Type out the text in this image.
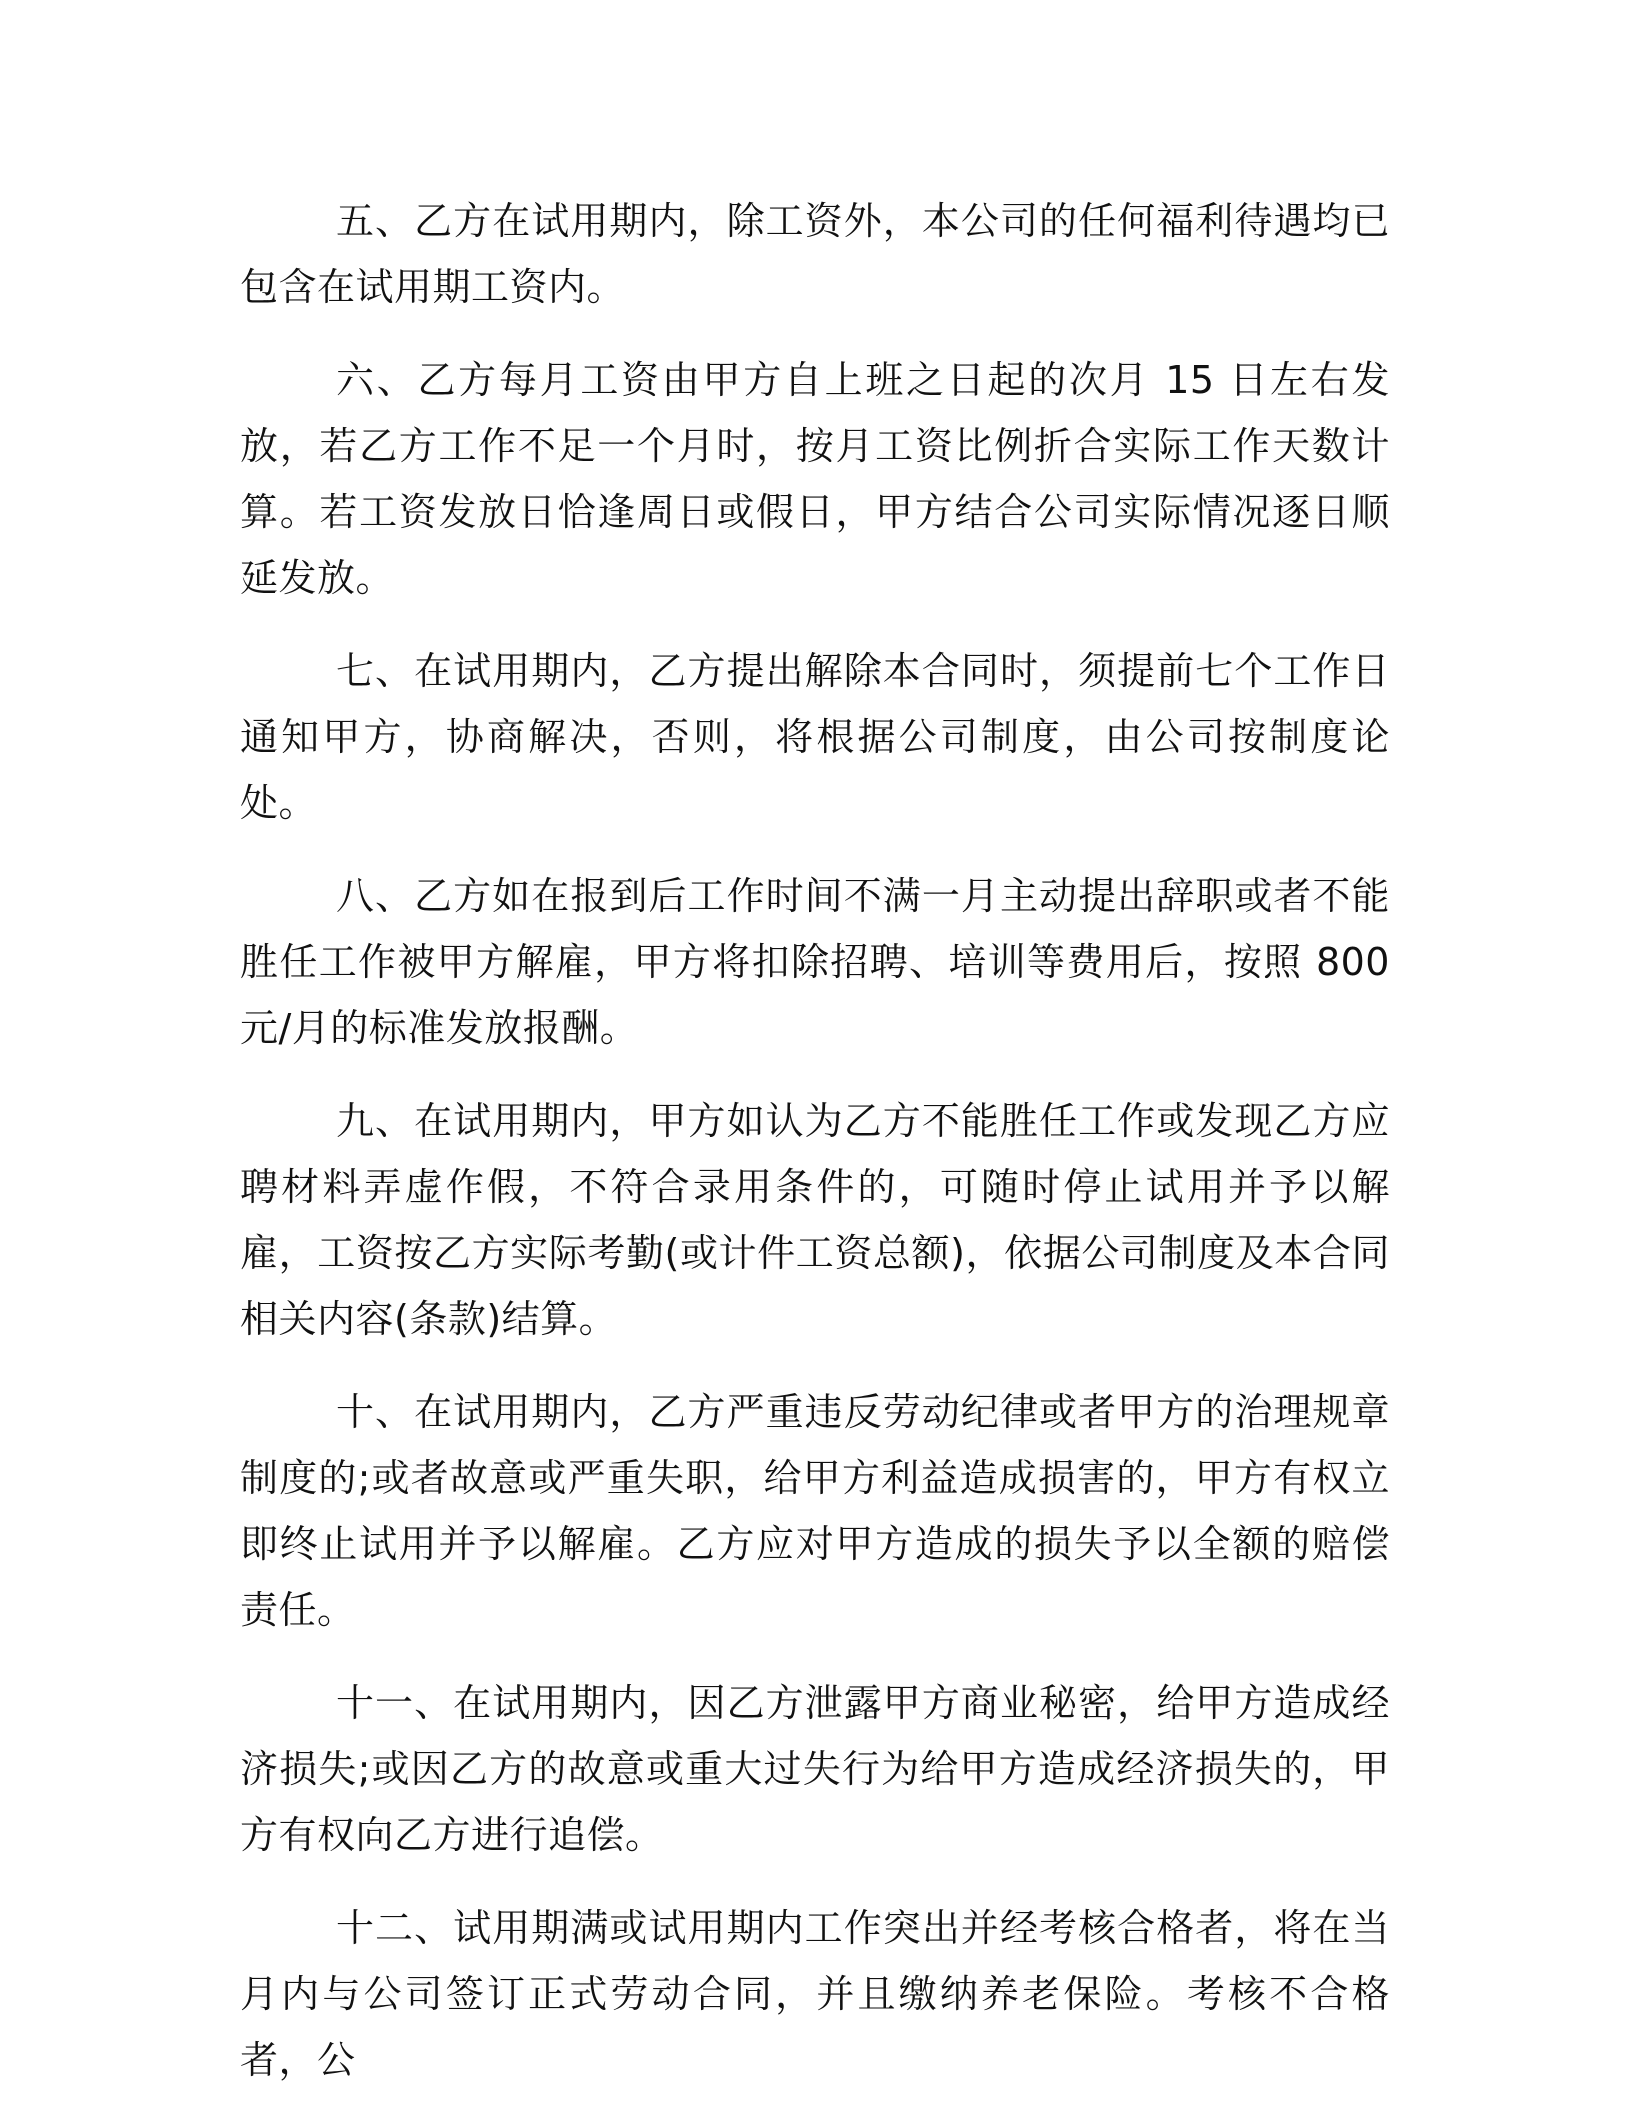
五、乙方在试用期内，除工资外，本公司的任何福利待遇均已包含在试用期工资内。

六、乙方每月工资由甲方自上班之日起的次月 15 日左右发放，若乙方工作不足一个月时，按月工资比例折合实际工作天数计算。若工资发放日恰逢周日或假日，甲方结合公司实际情况逐日顺延发放。

七、在试用期内，乙方提出解除本合同时，须提前七个工作日通知甲方，协商解决，否则，将根据公司制度，由公司按制度论处。

八、乙方如在报到后工作时间不满一月主动提出辞职或者不能胜任工作被甲方解雇，甲方将扣除招聘、培训等费用后，按照 800 元/月的标准发放报酬。

九、在试用期内，甲方如认为乙方不能胜任工作或发现乙方应聘材料弄虚作假，不符合录用条件的，可随时停止试用并予以解雇，工资按乙方实际考勤(或计件工资总额)，依据公司制度及本合同相关内容(条款)结算。

十、在试用期内，乙方严重违反劳动纪律或者甲方的治理规章制度的;或者故意或严重失职，给甲方利益造成损害的，甲方有权立即终止试用并予以解雇。乙方应对甲方造成的损失予以全额的赔偿责任。

十一、在试用期内，因乙方泄露甲方商业秘密，给甲方造成经济损失;或因乙方的故意或重大过失行为给甲方造成经济损失的，甲方有权向乙方进行追偿。

十二、试用期满或试用期内工作突出并经考核合格者，将在当月内与公司签订正式劳动合同，并且缴纳养老保险。考核不合格者，公
